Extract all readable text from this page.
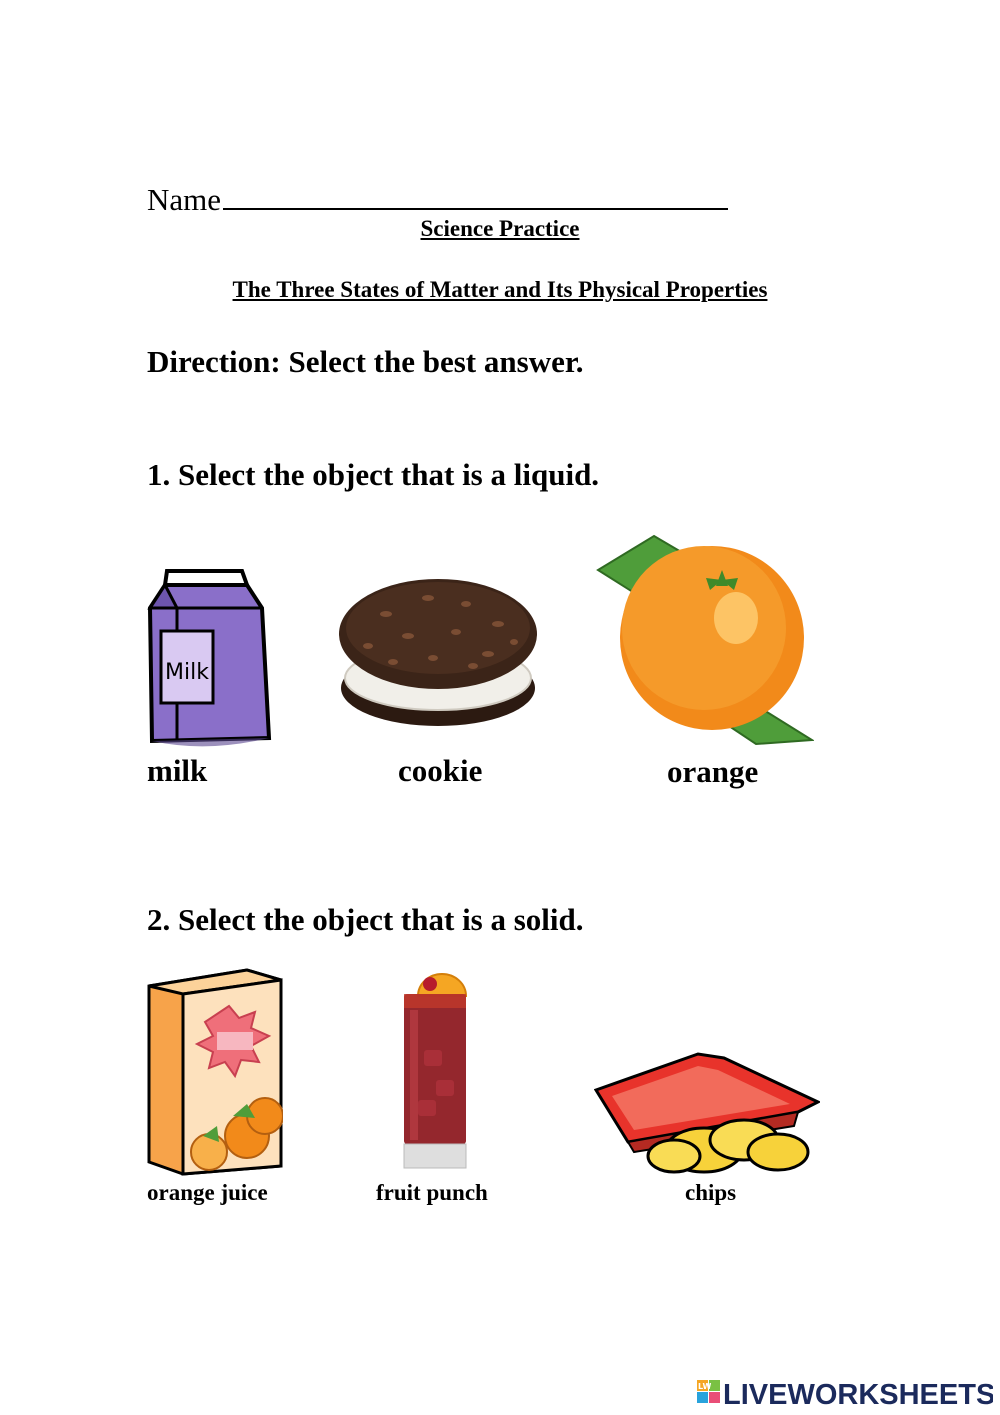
Name
Science Practice
The Three States of Matter and Its Physical Properties
Direction: Select the best answer.
1. Select the object that is a liquid.
Milk
milk	cookie	orange
2. Select the object that is a solid.
orange juice	fruit punch	chips
LW LIVEWORKSHEETS
